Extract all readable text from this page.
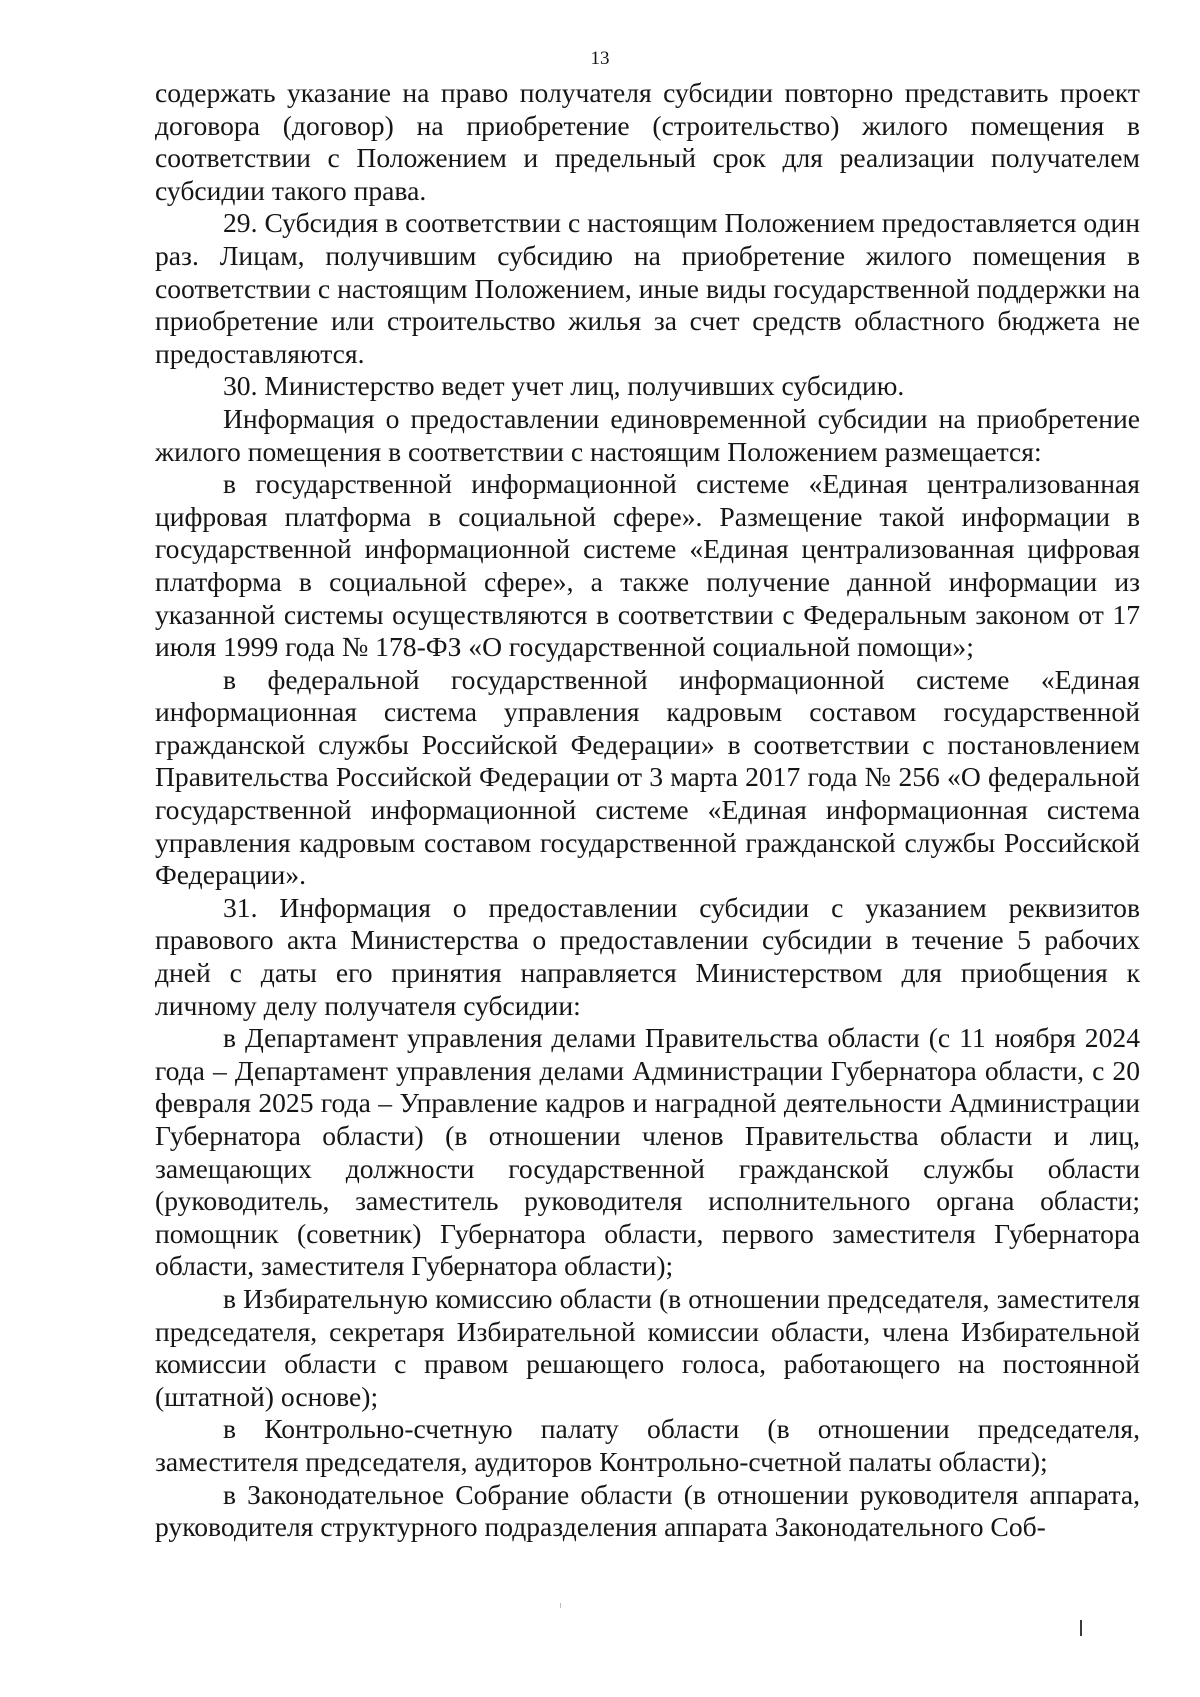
13

содержать указание на право получателя субсидии повторно представить проект договора (договор) на приобретение (строительство) жилого помещения в соответствии с Положением и предельный срок для реализации получателем субсидии такого права.

29. Субсидия в соответствии с настоящим Положением предоставляется один раз. Лицам, получившим субсидию на приобретение жилого помещения в соответствии с настоящим Положением, иные виды государственной поддержки на приобретение или строительство жилья за счет средств областного бюджета не предоставляются.

30. Министерство ведет учет лиц, получивших субсидию.

Информация о предоставлении единовременной субсидии на приобретение жилого помещения в соответствии с настоящим Положением размещается:

в государственной информационной системе «Единая централизованная цифровая платформа в социальной сфере». Размещение такой информации в государственной информационной системе «Единая централизованная цифровая платформа в социальной сфере», а также получение данной информации из указанной системы осуществляются в соответствии с Федеральным законом от 17 июля 1999 года № 178-ФЗ «О государственной социальной помощи»;

в федеральной государственной информационной системе «Единая информационная система управления кадровым составом государственной гражданской службы Российской Федерации» в соответствии с постановлением Правительства Российской Федерации от 3 марта 2017 года № 256 «О федеральной государственной информационной системе «Единая информационная система управления кадровым составом государственной гражданской службы Российской Федерации».

31. Информация о предоставлении субсидии с указанием реквизитов правового акта Министерства о предоставлении субсидии в течение 5 рабочих дней с даты его принятия направляется Министерством для приобщения к личному делу получателя субсидии:

в Департамент управления делами Правительства области (с 11 ноября 2024 года – Департамент управления делами Администрации Губернатора области, с 20 февраля 2025 года – Управление кадров и наградной деятельности Администрации Губернатора области) (в отношении членов Правительства области и лиц, замещающих должности государственной гражданской службы области (руководитель, заместитель руководителя исполнительного органа области; помощник (советник) Губернатора области, первого заместителя Губернатора области, заместителя Губернатора области);

в Избирательную комиссию области (в отношении председателя, заместителя председателя, секретаря Избирательной комиссии области, члена Избирательной комиссии области с правом решающего голоса, работающего на постоянной (штатной) основе);

в Контрольно-счетную палату области (в отношении председателя, заместителя председателя, аудиторов Контрольно-счетной палаты области);

в Законодательное Собрание области (в отношении руководителя аппарата, руководителя структурного подразделения аппарата Законодательного Соб-
